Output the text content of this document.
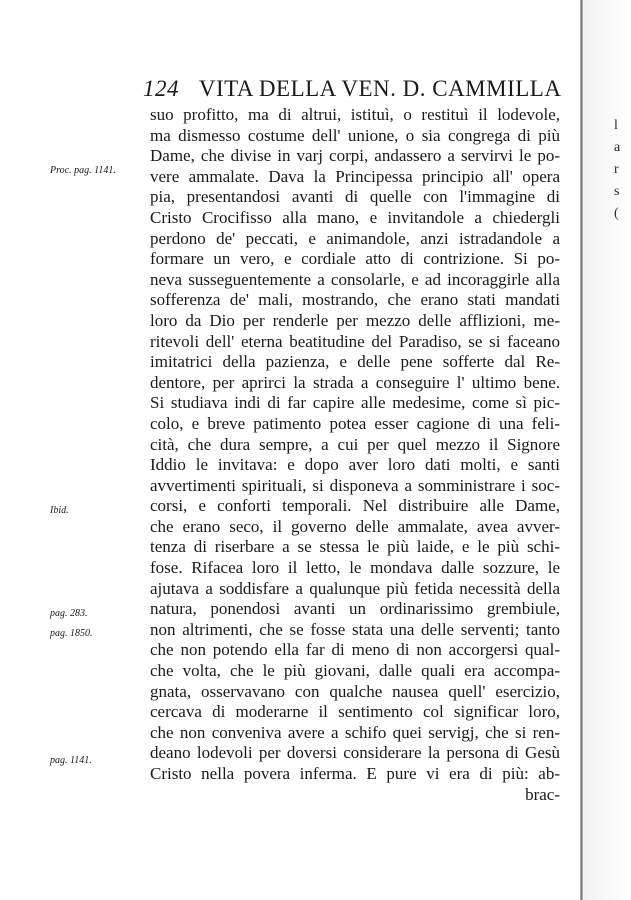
124 VITA DELLA VEN. D. CAMMILLA
suo profitto, ma di altrui, istituì, o restituì il lodevole,
ma dismesso costume dell' unione, o sia congrega di più
Dame, che divise in varj corpi, andassero a servirvi le po-
vere ammalate. Dava la Principessa principio all' opera
pia, presentandosi avanti di quelle con l'immagine di
Cristo Crocifisso alla mano, e invitandole a chiedergli
perdono de' peccati, e animandole, anzi istradandole a
formare un vero, e cordiale atto di contrizione. Si po-
neva susseguentemente a consolarle, e ad incoraggirle alla
sofferenza de' mali, mostrando, che erano stati mandati
loro da Dio per renderle per mezzo delle afflizioni, me-
ritevoli dell' eterna beatitudine del Paradiso, se si faceano
imitatrici della pazienza, e delle pene sofferte dal Re-
dentore, per aprirci la strada a conseguire l' ultimo bene.
Si studiava indi di far capire alle medesime, come sì pic-
colo, e breve patimento potea esser cagione di una feli-
cità, che dura sempre, a cui per quel mezzo il Signore
Iddio le invitava: e dopo aver loro dati molti, e santi
avvertimenti spirituali, si disponeva a somministrare i soc-
corsi, e conforti temporali. Nel distribuire alle Dame,
che erano seco, il governo delle ammalate, avea avver-
tenza di riserbare a se stessa le più laide, e le più schi-
fose. Rifacea loro il letto, le mondava dalle sozzure, le
ajutava a soddisfare a qualunque più fetida necessità della
natura, ponendosi avanti un ordinarissimo grembiule,
non altrimenti, che se fosse stata una delle serventi; tanto
che non potendo ella far di meno di non accorgersi qual-
che volta, che le più giovani, dalle quali era accompa-
gnata, osservavano con qualche nausea quell' esercizio,
cercava di moderarne il sentimento col significar loro,
che non conveniva avere a schifo quei servigj, che si ren-
deano lodevoli per doversi considerare la persona di Gesù
Cristo nella povera inferma. E pure vi era di più: ab-
brac-
Proc. pag. 1141.
Ibid.
pag. 283.
pag. 1850.
pag. 1141.
l
a
r
s
(
